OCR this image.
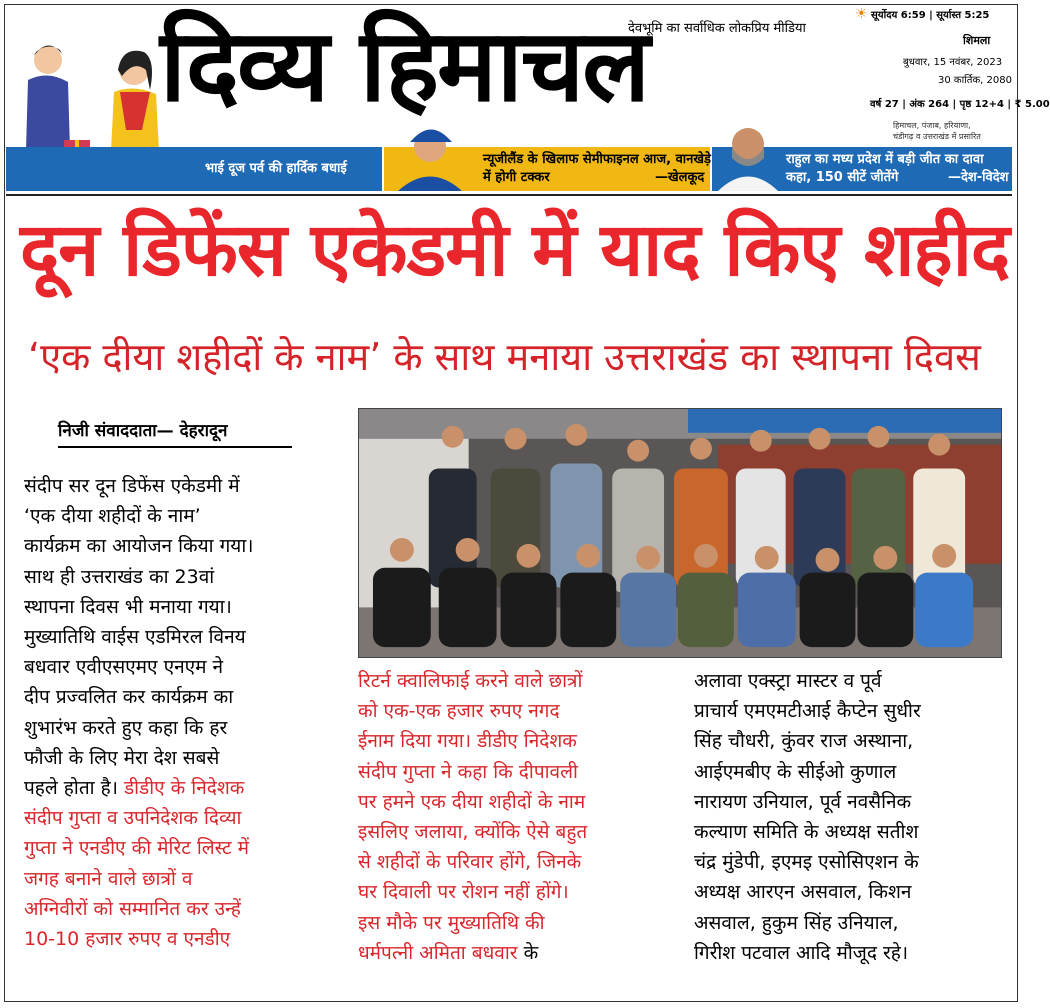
देवभूमि का सर्वाधिक लोकप्रिय मीडिया
दिव्य हिमाचल	☀ सूर्योदय 6:59 | सूर्यास्त 5:25
शिमला
बुधवार, 15 नवंबर, 2023
30 कार्तिक, 2080
वर्ष 27 | अंक 264 | पृष्ठ 12+4 | ₹ 5.00
हिमाचल, पंजाब, हरियाणा,
चंडीगढ़ व उत्तराखंड में प्रसारित
भाई दूज पर्व की हार्दिक बधाई
न्यूजीलैंड के खिलाफ सेमीफाइनल आज, वानखेड़े
में होगी टक्कर	—खेलकूद
राहुल का मध्य प्रदेश में बड़ी जीत का दावा
कहा, 150 सीटें जीतेंगे	—देश-विदेश
दून डिफेंस एकेडमी में याद किए शहीद
‘एक दीया शहीदों के नाम’ के साथ मनाया उत्तराखंड का स्थापना दिवस
निजी संवाददाता— देहरादून
संदीप सर दून डिफेंस एकेडमी में
‘एक दीया शहीदों के नाम’
कार्यक्रम का आयोजन किया गया।
साथ ही उत्तराखंड का 23वां
स्थापना दिवस भी मनाया गया।
मुख्यातिथि वाईस एडमिरल विनय
बधवार एवीएसएमए एनएम ने
दीप प्रज्वलित कर कार्यक्रम का
शुभारंभ करते हुए कहा कि हर
फौजी के लिए मेरा देश सबसे
पहले होता है। डीडीए के निदेशक
संदीप गुप्ता व उपनिदेशक दिव्या
गुप्ता ने एनडीए की मेरिट लिस्ट में
जगह बनाने वाले छात्रों व
अग्निवीरों को सम्मानित कर उन्हें
10-10 हजार रुपए व एनडीए
रिटर्न क्वालिफाई करने वाले छात्रों
को एक-एक हजार रुपए नगद
ईनाम दिया गया। डीडीए निदेशक
संदीप गुप्ता ने कहा कि दीपावली
पर हमने एक दीया शहीदों के नाम
इसलिए जलाया, क्योंकि ऐसे बहुत
से शहीदों के परिवार होंगे, जिनके
घर दिवाली पर रोशन नहीं होंगे।
इस मौके पर मुख्यातिथि की
धर्मपत्नी अमिता बधवार के
अलावा एक्स्ट्रा मास्टर व पूर्व
प्राचार्य एमएमटीआई कैप्टेन सुधीर
सिंह चौधरी, कुंवर राज अस्थाना,
आईएमबीए के सीईओ कुणाल
नारायण उनियाल, पूर्व नवसैनिक
कल्याण समिति के अध्यक्ष सतीश
चंद्र मुंडेपी, इएमइ एसोसिएशन के
अध्यक्ष आरएन असवाल, किशन
असवाल, हुकुम सिंह उनियाल,
गिरीश पटवाल आदि मौजूद रहे।
